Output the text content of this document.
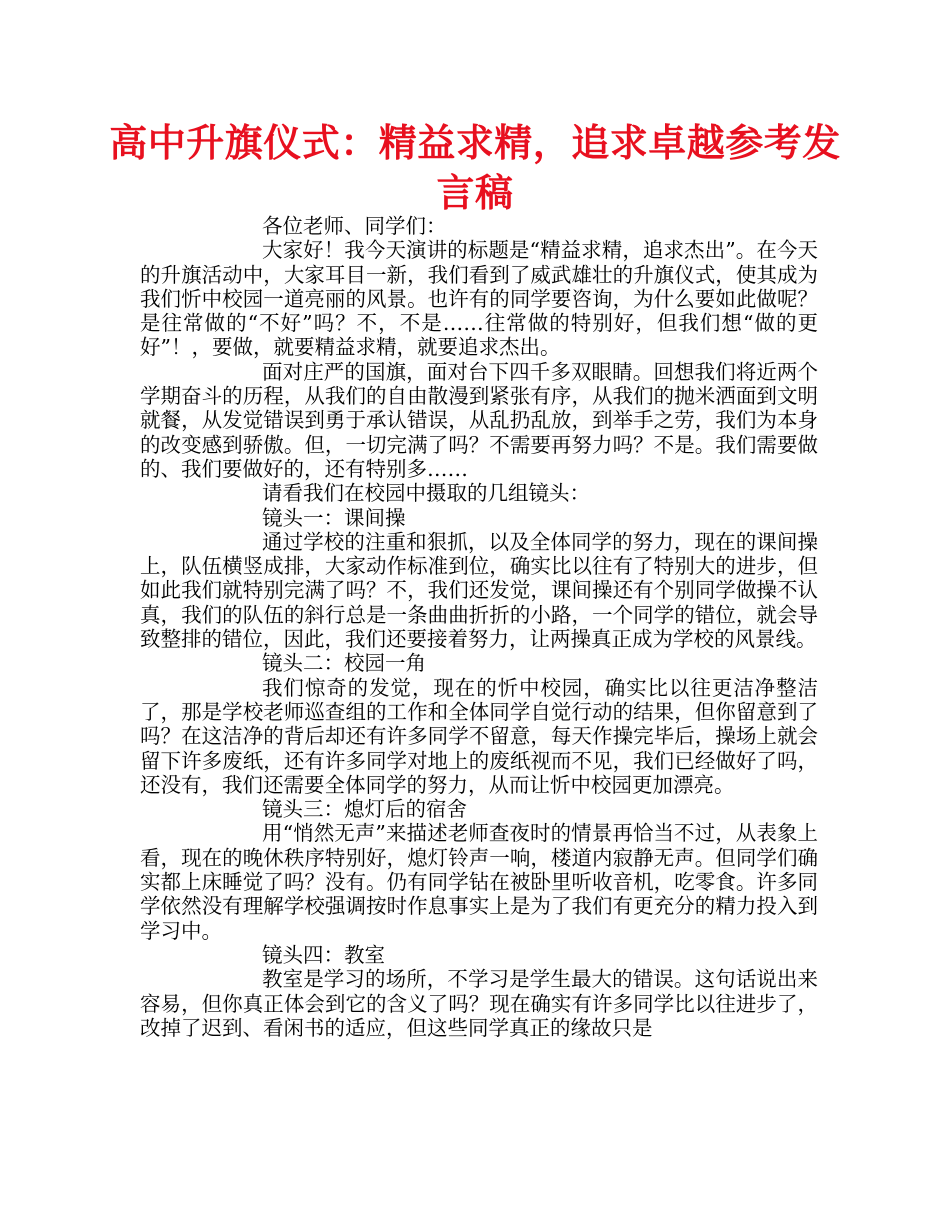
高中升旗仪式：精益求精，追求卓越参考发言稿

各位老师、同学们：

大家好！我今天演讲的标题是“精益求精，追求杰出”。在今天的升旗活动中，大家耳目一新，我们看到了威武雄壮的升旗仪式，使其成为我们忻中校园一道亮丽的风景。也许有的同学要咨询，为什么要如此做呢？是往常做的“不好”吗？不，不是……往常做的特别好，但我们想“做的更好”！，要做，就要精益求精，就要追求杰出。

面对庄严的国旗，面对台下四千多双眼睛。回想我们将近两个学期奋斗的历程，从我们的自由散漫到紧张有序，从我们的抛米洒面到文明就餐，从发觉错误到勇于承认错误，从乱扔乱放，到举手之劳，我们为本身的改变感到骄傲。但，一切完满了吗？不需要再努力吗？不是。我们需要做的、我们要做好的，还有特别多……

请看我们在校园中摄取的几组镜头：

镜头一：课间操

通过学校的注重和狠抓，以及全体同学的努力，现在的课间操上，队伍横竖成排，大家动作标准到位，确实比以往有了特别大的进步，但如此我们就特别完满了吗？不，我们还发觉，课间操还有个别同学做操不认真，我们的队伍的斜行总是一条曲曲折折的小路，一个同学的错位，就会导致整排的错位，因此，我们还要接着努力，让两操真正成为学校的风景线。

镜头二：校园一角

我们惊奇的发觉，现在的忻中校园，确实比以往更洁净整洁了，那是学校老师巡查组的工作和全体同学自觉行动的结果，但你留意到了吗？在这洁净的背后却还有许多同学不留意，每天作操完毕后，操场上就会留下许多废纸，还有许多同学对地上的废纸视而不见，我们已经做好了吗，还没有，我们还需要全体同学的努力，从而让忻中校园更加漂亮。

镜头三：熄灯后的宿舍

用“悄然无声”来描述老师查夜时的情景再恰当不过，从表象上看，现在的晚休秩序特别好，熄灯铃声一响，楼道内寂静无声。但同学们确实都上床睡觉了吗？没有。仍有同学钻在被卧里听收音机，吃零食。许多同学依然没有理解学校强调按时作息事实上是为了我们有更充分的精力投入到学习中。

镜头四：教室

教室是学习的场所，不学习是学生最大的错误。这句话说出来容易，但你真正体会到它的含义了吗？现在确实有许多同学比以往进步了，改掉了迟到、看闲书的适应，但这些同学真正的缘故只是
